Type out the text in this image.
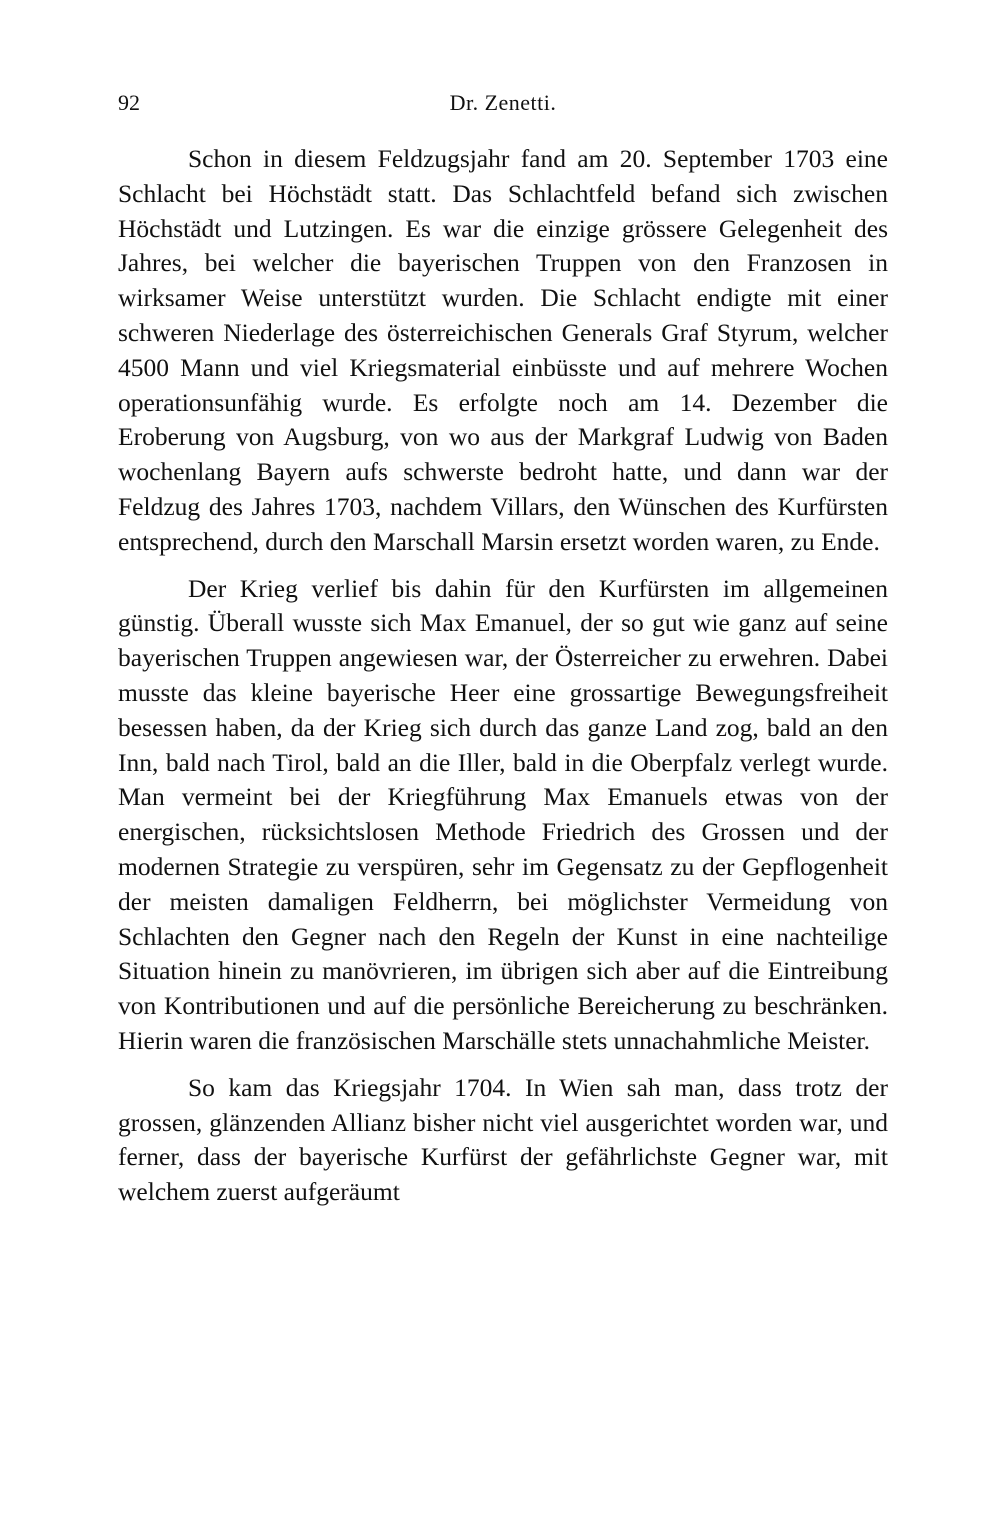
92	Dr. Zenetti.

Schon in diesem Feldzugsjahr fand am 20. September 1703 eine Schlacht bei Höchstädt statt. Das Schlachtfeld befand sich zwischen Höchstädt und Lutzingen. Es war die einzige grössere Gelegenheit des Jahres, bei welcher die bayerischen Truppen von den Franzosen in wirksamer Weise unterstützt wurden. Die Schlacht endigte mit einer schweren Niederlage des österreichischen Generals Graf Styrum, welcher 4500 Mann und viel Kriegsmaterial einbüsste und auf mehrere Wochen operationsunfähig wurde. Es erfolgte noch am 14. Dezember die Eroberung von Augsburg, von wo aus der Markgraf Ludwig von Baden wochenlang Bayern aufs schwerste bedroht hatte, und dann war der Feldzug des Jahres 1703, nachdem Villars, den Wünschen des Kurfürsten entsprechend, durch den Marschall Marsin ersetzt worden waren, zu Ende.

Der Krieg verlief bis dahin für den Kurfürsten im allgemeinen günstig. Überall wusste sich Max Emanuel, der so gut wie ganz auf seine bayerischen Truppen angewiesen war, der Österreicher zu erwehren. Dabei musste das kleine bayerische Heer eine grossartige Bewegungsfreiheit besessen haben, da der Krieg sich durch das ganze Land zog, bald an den Inn, bald nach Tirol, bald an die Iller, bald in die Oberpfalz verlegt wurde. Man vermeint bei der Kriegführung Max Emanuels etwas von der energischen, rücksichtslosen Methode Friedrich des Grossen und der modernen Strategie zu verspüren, sehr im Gegensatz zu der Gepflogenheit der meisten damaligen Feldherrn, bei möglichster Vermeidung von Schlachten den Gegner nach den Regeln der Kunst in eine nachteilige Situation hinein zu manövrieren, im übrigen sich aber auf die Eintreibung von Kontributionen und auf die persönliche Bereicherung zu beschränken. Hierin waren die französischen Marschälle stets unnachahmliche Meister.

So kam das Kriegsjahr 1704. In Wien sah man, dass trotz der grossen, glänzenden Allianz bisher nicht viel ausgerichtet worden war, und ferner, dass der bayerische Kurfürst der gefährlichste Gegner war, mit welchem zuerst aufgeräumt
